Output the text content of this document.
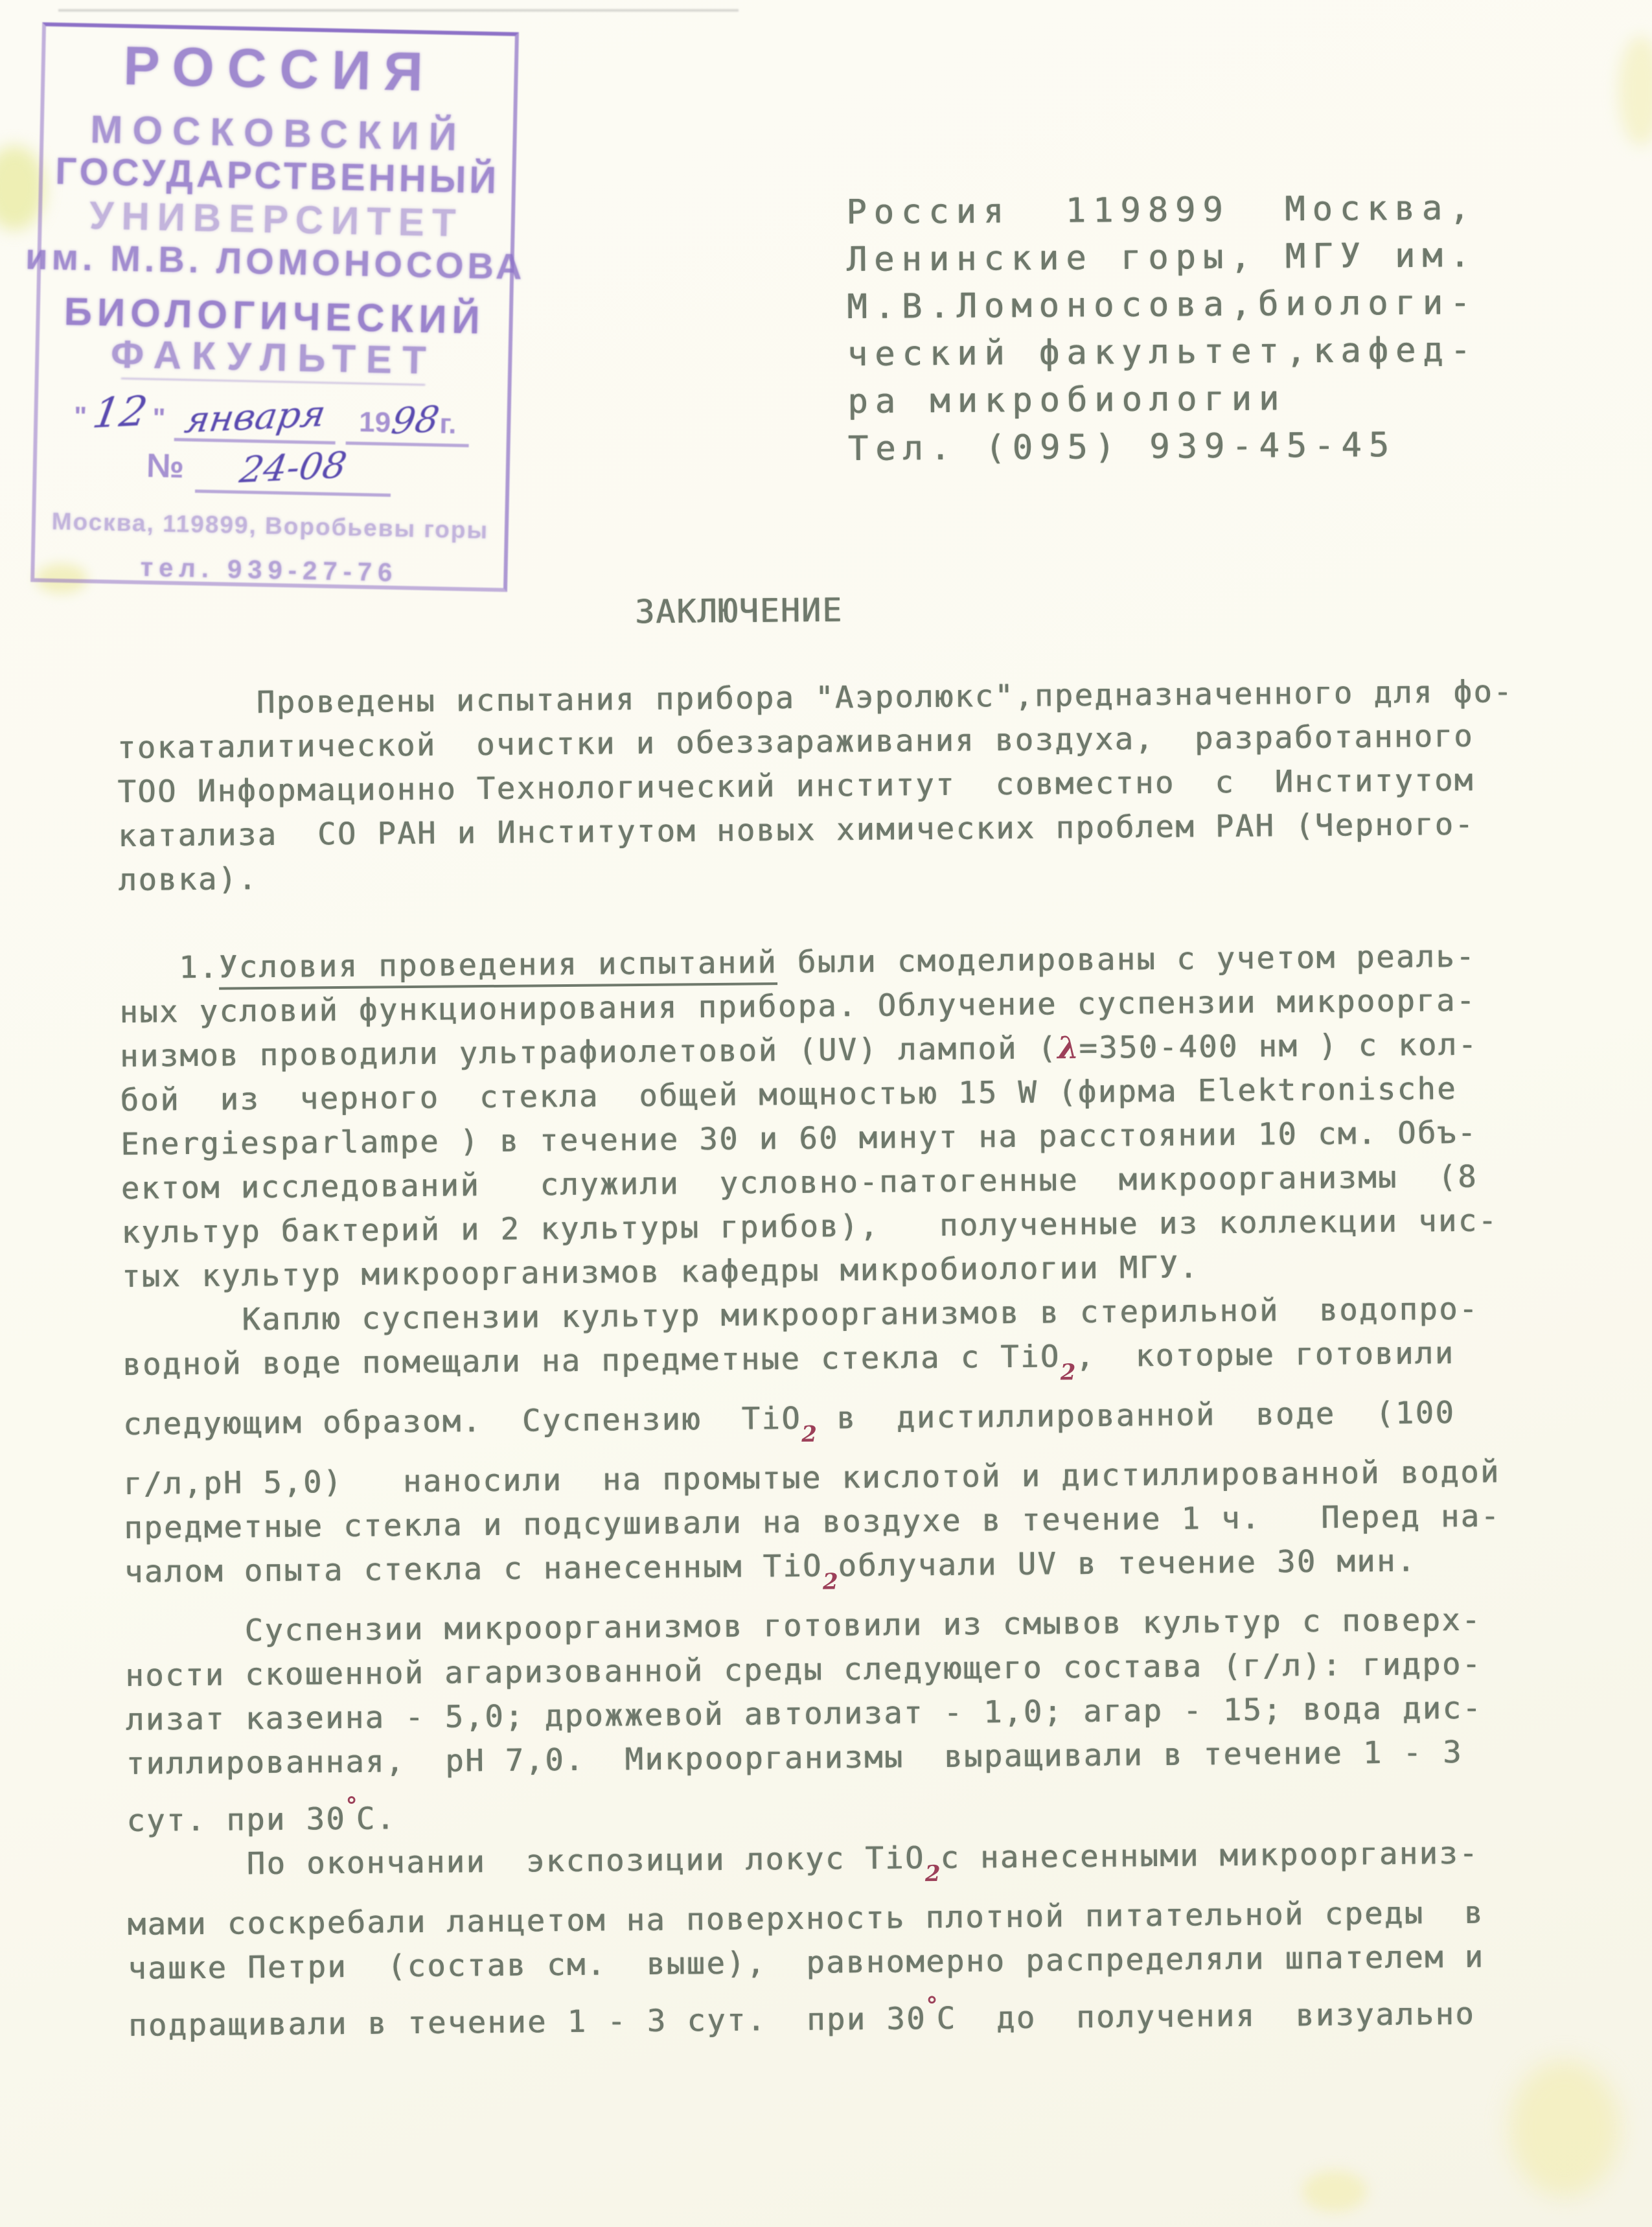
РОССИЯ
МОСКОВСКИЙ
ГОСУДАРСТВЕННЫЙ
УНИВЕРСИТЕТ
им. М.В. ЛОМОНОСОВА
БИОЛОГИЧЕСКИЙ
ФАКУЛЬТЕТ
" 12 " января	1998г.
№	24-08
Москва, 119899, Воробьевы горы
тел. 939-27-76
Россия  119899  Москва,
Ленинские горы, МГУ им.
М.В.Ломоносова,биологи-
ческий факультет,кафед-
ра микробиологии
Тел. (095) 939-45-45
ЗАКЛЮЧЕНИЕ
Проведены испытания прибора "Аэролюкс",предназначенного для фо-
токаталитической  очистки и обеззараживания воздуха,  разработанного
ТОО Информационно Технологический институт  совместно  с  Институтом
катализа  СО РАН и Институтом новых химических проблем РАН (Черного-
ловка).
1.Условия проведения испытаний были смоделированы с учетом реаль-
ных условий функционирования прибора. Облучение суспензии микроорга-
низмов проводили ультрафиолетовой (UV) лампой (λ=350-400 нм ) с кол-
бой  из  черного  стекла  общей мощностью 15 W (фирма Elektronische
Energiesparlampe ) в течение 30 и 60 минут на расстоянии 10 см. Объ-
ектом исследований   служили  условно-патогенные  микроорганизмы  (8
культур бактерий и 2 культуры грибов),   полученные из коллекции чис-
тых культур микроорганизмов кафедры микробиологии МГУ.
Каплю суспензии культур микроорганизмов в стерильной  водопро-
водной воде помещали на предметные стекла с TiO$_2$,  которые готовили
следующим образом.  Суспензию  TiO$_2$ в  дистиллированной  воде  (100
г/л,pH 5,0)   наносили  на промытые кислотой и дистиллированной водой
предметные стекла и подсушивали на воздухе в течение 1 ч.   Перед на-
чалом опыта стекла с нанесенным TiO$_2$облучали UV в течение 30 мин.
Суспензии микроорганизмов готовили из смывов культур с поверх-
ности скошенной агаризованной среды следующего состава (г/л): гидро-
лизат казеина - 5,0; дрожжевой автолизат - 1,0; агар - 15; вода дис-
тиллированная,  pH 7,0.  Микроорганизмы  выращивали в течение 1 - 3
сут. при 30°С.
По окончании  экспозиции локус TiO$_2$с нанесенными микроорганиз-
мами соскребали ланцетом на поверхность плотной питательной среды  в
чашке Петри  (состав см.  выше),  равномерно распределяли шпателем и
подращивали в течение 1 - 3 сут.  при 30°С  до  получения  визуально
